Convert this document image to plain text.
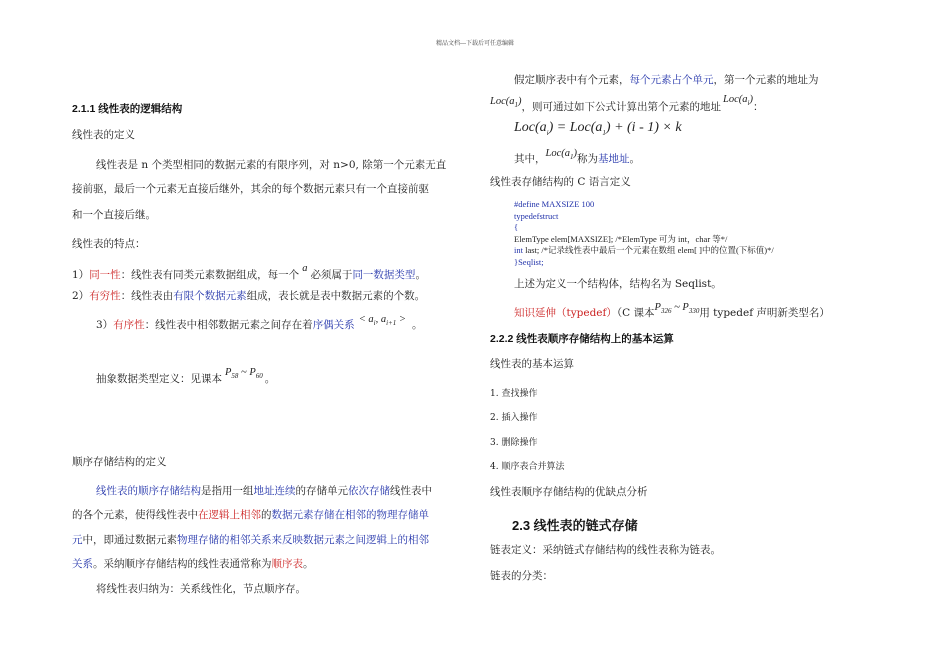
精品文档---下载后可任意编辑
2.1.1 线性表的逻辑结构
线性表的定义
线性表是 n 个类型相同的数据元素的有限序列，对 n>0, 除第一个元素无直
接前驱，最后一个元素无直接后继外，其余的每个数据元素只有一个直接前驱
和一个直接后继。
线性表的特点：
1）同一性：线性表有同类元素数据组成，每一个a必须属于同一数据类型。
2）有穷性：线性表由有限个数据元素组成，表长就是表中数据元素的个数。
3）有序性：线性表中相邻数据元素之间存在着序偶关系 < $a_i$, $a_{i+1}$ > 。
抽象数据类型定义：见课本$P_{58}$ ~ $P_{60}$ 。
顺序存储结构的定义
线性表的顺序存储结构是指用一组地址连续的存储单元依次存储线性表中
的各个元素，使得线性表中在逻辑上相邻的数据元素存储在相邻的物理存储单
元中，即通过数据元素物理存储的相邻关系来反映数据元素之间逻辑上的相邻
关系。采纳顺序存储结构的线性表通常称为顺序表。
将线性表归纳为：关系线性化，节点顺序存。
假定顺序表中有个元素，每个元素占个单元，第一个元素的地址为
$Loc(a_1)$，则可通过如下公式计算出第个元素的地址$Loc(a_i)$：
$Loc(a_i) = Loc(a_1) + (i - 1) \times k$
其中，$Loc(a_1)$称为基地址。
线性表存储结构的 C 语言定义
#define MAXSIZE 100
typedefstruct
{
ElemType elem[MAXSIZE]; /*ElemType 可为 int，char 等*/
int last; /*记录线性表中最后一个元素在数组 elem[ ]中的位置(下标值)*/
}Seqlist;
上述为定义一个结构体，结构名为 Seqlist。
知识延伸（typedef）（C 课本$P_{326}$ ~ $P_{330}$用 typedef 声明新类型名）
2.2.2 线性表顺序存储结构上的基本运算
线性表的基本运算
1. 查找操作
2. 插入操作
3. 删除操作
4. 顺序表合并算法
线性表顺序存储结构的优缺点分析
2.3 线性表的链式存储
链表定义：采纳链式存储结构的线性表称为链表。
链表的分类：
